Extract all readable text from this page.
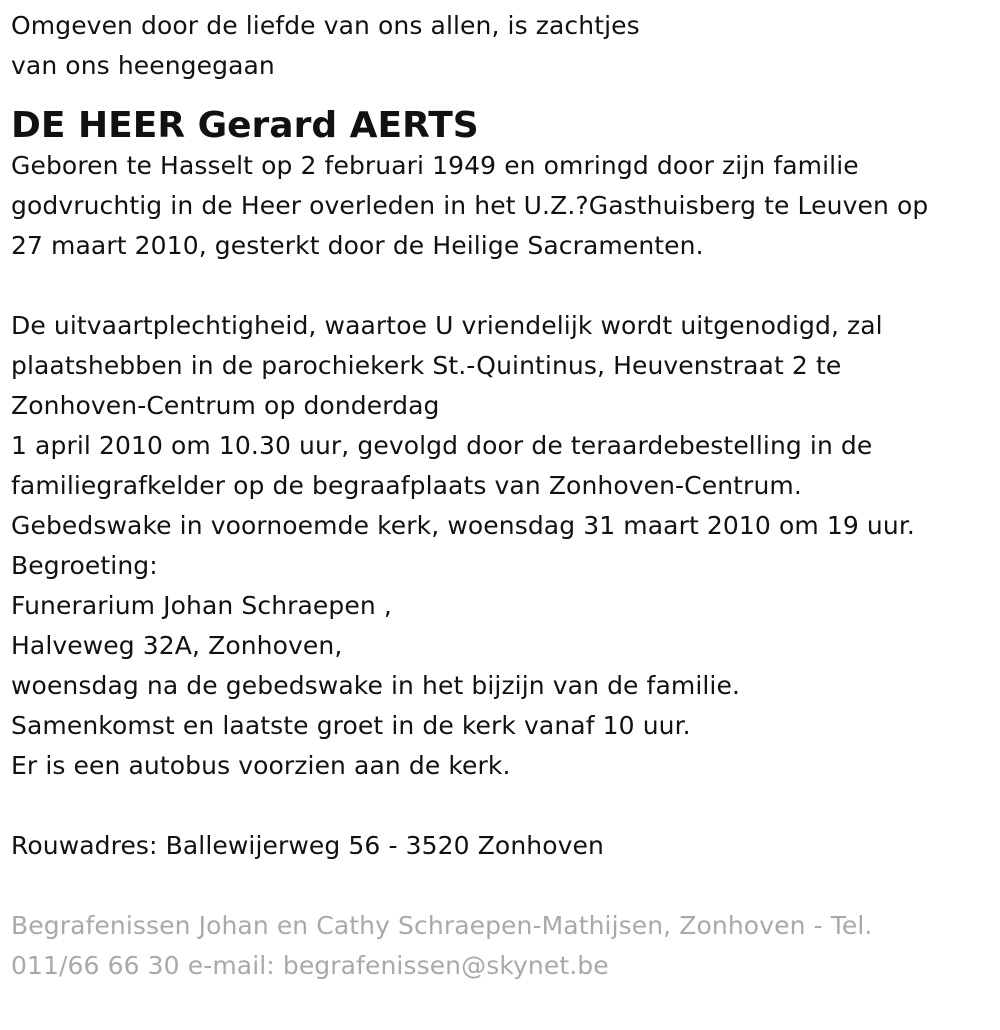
Omgeven door de liefde van ons allen, is zachtjes
van ons heengegaan
DE HEER Gerard AERTS
Geboren te Hasselt op 2 februari 1949 en omringd door zijn familie
godvruchtig in de Heer overleden in het U.Z.?Gasthuisberg te Leuven op
27 maart 2010, gesterkt door de Heilige Sacramenten.
De uitvaartplechtigheid, waartoe U vriendelijk wordt uitgenodigd, zal
plaatshebben in de parochiekerk St.-Quintinus, Heuvenstraat 2 te
Zonhoven-Centrum op donderdag
1 april 2010 om 10.30 uur, gevolgd door de teraardebestelling in de
familiegrafkelder op de begraafplaats van Zonhoven-Centrum.
Gebedswake in voornoemde kerk, woensdag 31 maart 2010 om 19 uur.
Begroeting:
Funerarium Johan Schraepen ,
Halveweg 32A, Zonhoven,
woensdag na de gebedswake in het bijzijn van de familie.
Samenkomst en laatste groet in de kerk vanaf 10 uur.
Er is een autobus voorzien aan de kerk.
Rouwadres: Ballewijerweg 56 - 3520 Zonhoven
Begrafenissen Johan en Cathy Schraepen-Mathijsen, Zonhoven - Tel.
011/66 66 30 e-mail: begrafenissen@skynet.be
